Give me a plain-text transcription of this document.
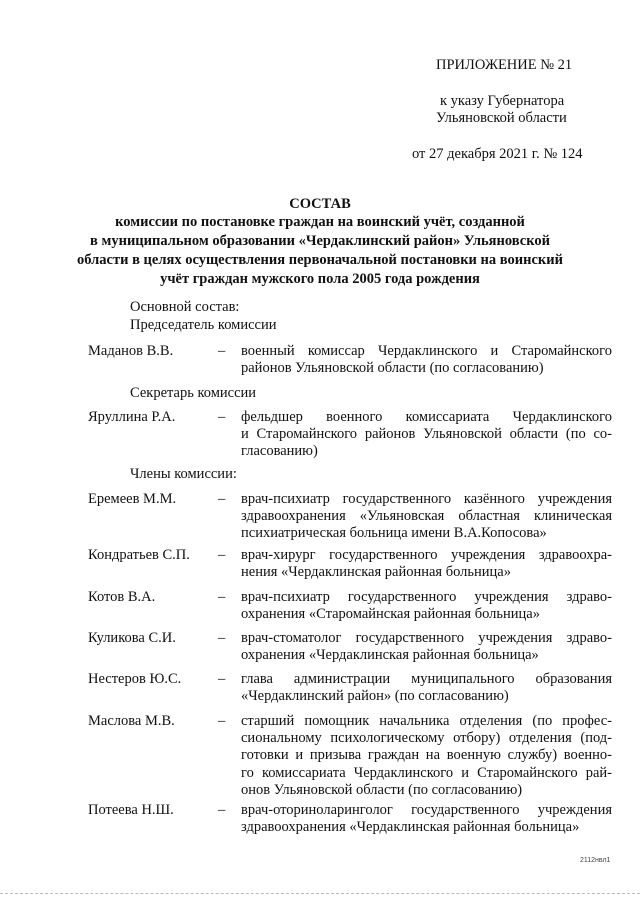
ПРИЛОЖЕНИЕ № 21
к указу Губернатора
Ульяновской области
от 27 декабря 2021 г. № 124
СОСТАВ
комиссии по постановке граждан на воинский учёт, созданной
в муниципальном образовании «Чердаклинский район» Ульяновской
области в целях осуществления первоначальной постановки на воинский
учёт граждан мужского пола 2005 года рождения
Основной состав:
Председатель комиссии
Секретарь комиссии
Члены комиссии:
Маданов В.В.	– военный комиссар Чердаклинского и Старомайнского
районов Ульяновской области (по согласованию)
Яруллина Р.А.	– фельдшер военного комиссариата Чердаклинского
и Старомайнского районов Ульяновской области (по со-
гласованию)
Еремеев М.М.	– врач-психиатр государственного казённого учреждения
здравоохранения «Ульяновская областная клиническая
психиатрическая больница имени В.А.Копосова»
Кондратьев С.П. – врач-хирург государственного учреждения здравоохра-
нения «Чердаклинская районная больница»
Котов В.А.	– врач-психиатр государственного учреждения здраво-
охранения «Старомайнская районная больница»
Куликова С.И.	– врач-стоматолог государственного учреждения здраво-
охранения «Чердаклинская районная больница»
Нестеров Ю.С.	– глава администрации муниципального образования
«Чердаклинский район» (по согласованию)
Маслова М.В.	– старший помощник начальника отделения (по профес-
сиональному психологическому отбору) отделения (под-
готовки и призыва граждан на военную службу) военно-
го комиссариата Чердаклинского и Старомайнского рай-
онов Ульяновской области (по согласованию)
Потеева Н.Ш.	– врач-оториноларинголог государственного учреждения
здравоохранения «Чердаклинская районная больница»
2112нвл1
